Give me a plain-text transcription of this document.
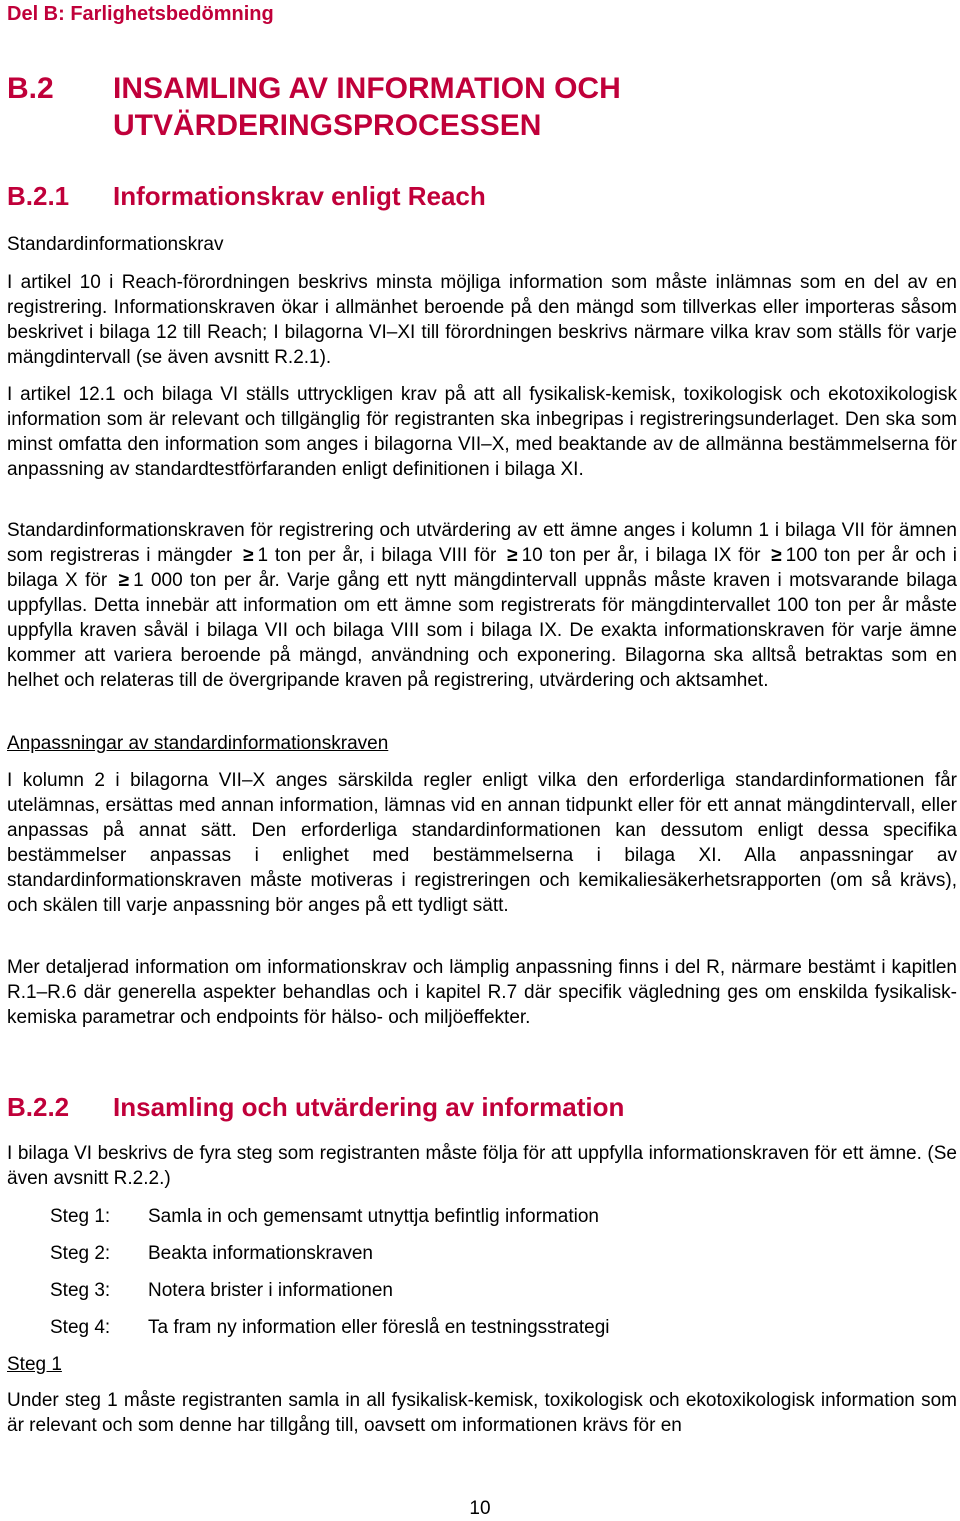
Del B: Farlighetsbedömning
B.2 INSAMLING AV INFORMATION OCH UTVÄRDERINGSPROCESSEN
B.2.1 Informationskrav enligt Reach
Standardinformationskrav

I artikel 10 i Reach-förordningen beskrivs minsta möjliga information som måste inlämnas som en del av en registrering. Informationskraven ökar i allmänhet beroende på den mängd som tillverkas eller importeras såsom beskrivet i bilaga 12 till Reach; I bilagorna VI–XI till förordningen beskrivs närmare vilka krav som ställs för varje mängdintervall (se även avsnitt R.2.1).

I artikel 12.1 och bilaga VI ställs uttryckligen krav på att all fysikalisk-kemisk, toxikologisk och ekotoxikologisk information som är relevant och tillgänglig för registranten ska inbegripas i registreringsunderlaget. Den ska som minst omfatta den information som anges i bilagorna VII–X, med beaktande av de allmänna bestämmelserna för anpassning av standardtestförfaranden enligt definitionen i bilaga XI.

Standardinformationskraven för registrering och utvärdering av ett ämne anges i kolumn 1 i bilaga VII för ämnen som registreras i mängder ≥ 1 ton per år, i bilaga VIII för ≥ 10 ton per år, i bilaga IX för ≥ 100 ton per år och i bilaga X för ≥ 1 000 ton per år. Varje gång ett nytt mängdintervall uppnås måste kraven i motsvarande bilaga uppfyllas. Detta innebär att information om ett ämne som registrerats för mängdintervallet 100 ton per år måste uppfylla kraven såväl i bilaga VII och bilaga VIII som i bilaga IX. De exakta informationskraven för varje ämne kommer att variera beroende på mängd, användning och exponering. Bilagorna ska alltså betraktas som en helhet och relateras till de övergripande kraven på registrering, utvärdering och aktsamhet.

Anpassningar av standardinformationskraven

I kolumn 2 i bilagorna VII–X anges särskilda regler enligt vilka den erforderliga standardinformationen får utelämnas, ersättas med annan information, lämnas vid en annan tidpunkt eller för ett annat mängdintervall, eller anpassas på annat sätt. Den erforderliga standardinformationen kan dessutom enligt dessa specifika bestämmelser anpassas i enlighet med bestämmelserna i bilaga XI. Alla anpassningar av standardinformationskraven måste motiveras i registreringen och kemikaliesäkerhetsrapporten (om så krävs), och skälen till varje anpassning bör anges på ett tydligt sätt.

Mer detaljerad information om informationskrav och lämplig anpassning finns i del R, närmare bestämt i kapitlen R.1–R.6 där generella aspekter behandlas och i kapitel R.7 där specifik vägledning ges om enskilda fysikalisk-kemiska parametrar och endpoints för hälso- och miljöeffekter.

B.2.2 Insamling och utvärdering av information

I bilaga VI beskrivs de fyra steg som registranten måste följa för att uppfylla informationskraven för ett ämne. (Se även avsnitt R.2.2.)

Steg 1: Samla in och gemensamt utnyttja befintlig information
Steg 2: Beakta informationskraven
Steg 3: Notera brister i informationen
Steg 4: Ta fram ny information eller föreslå en testningsstrategi
Steg 1

Under steg 1 måste registranten samla in all fysikalisk-kemisk, toxikologisk och ekotoxikologisk information som är relevant och som denne har tillgång till, oavsett om informationen krävs för en

10
